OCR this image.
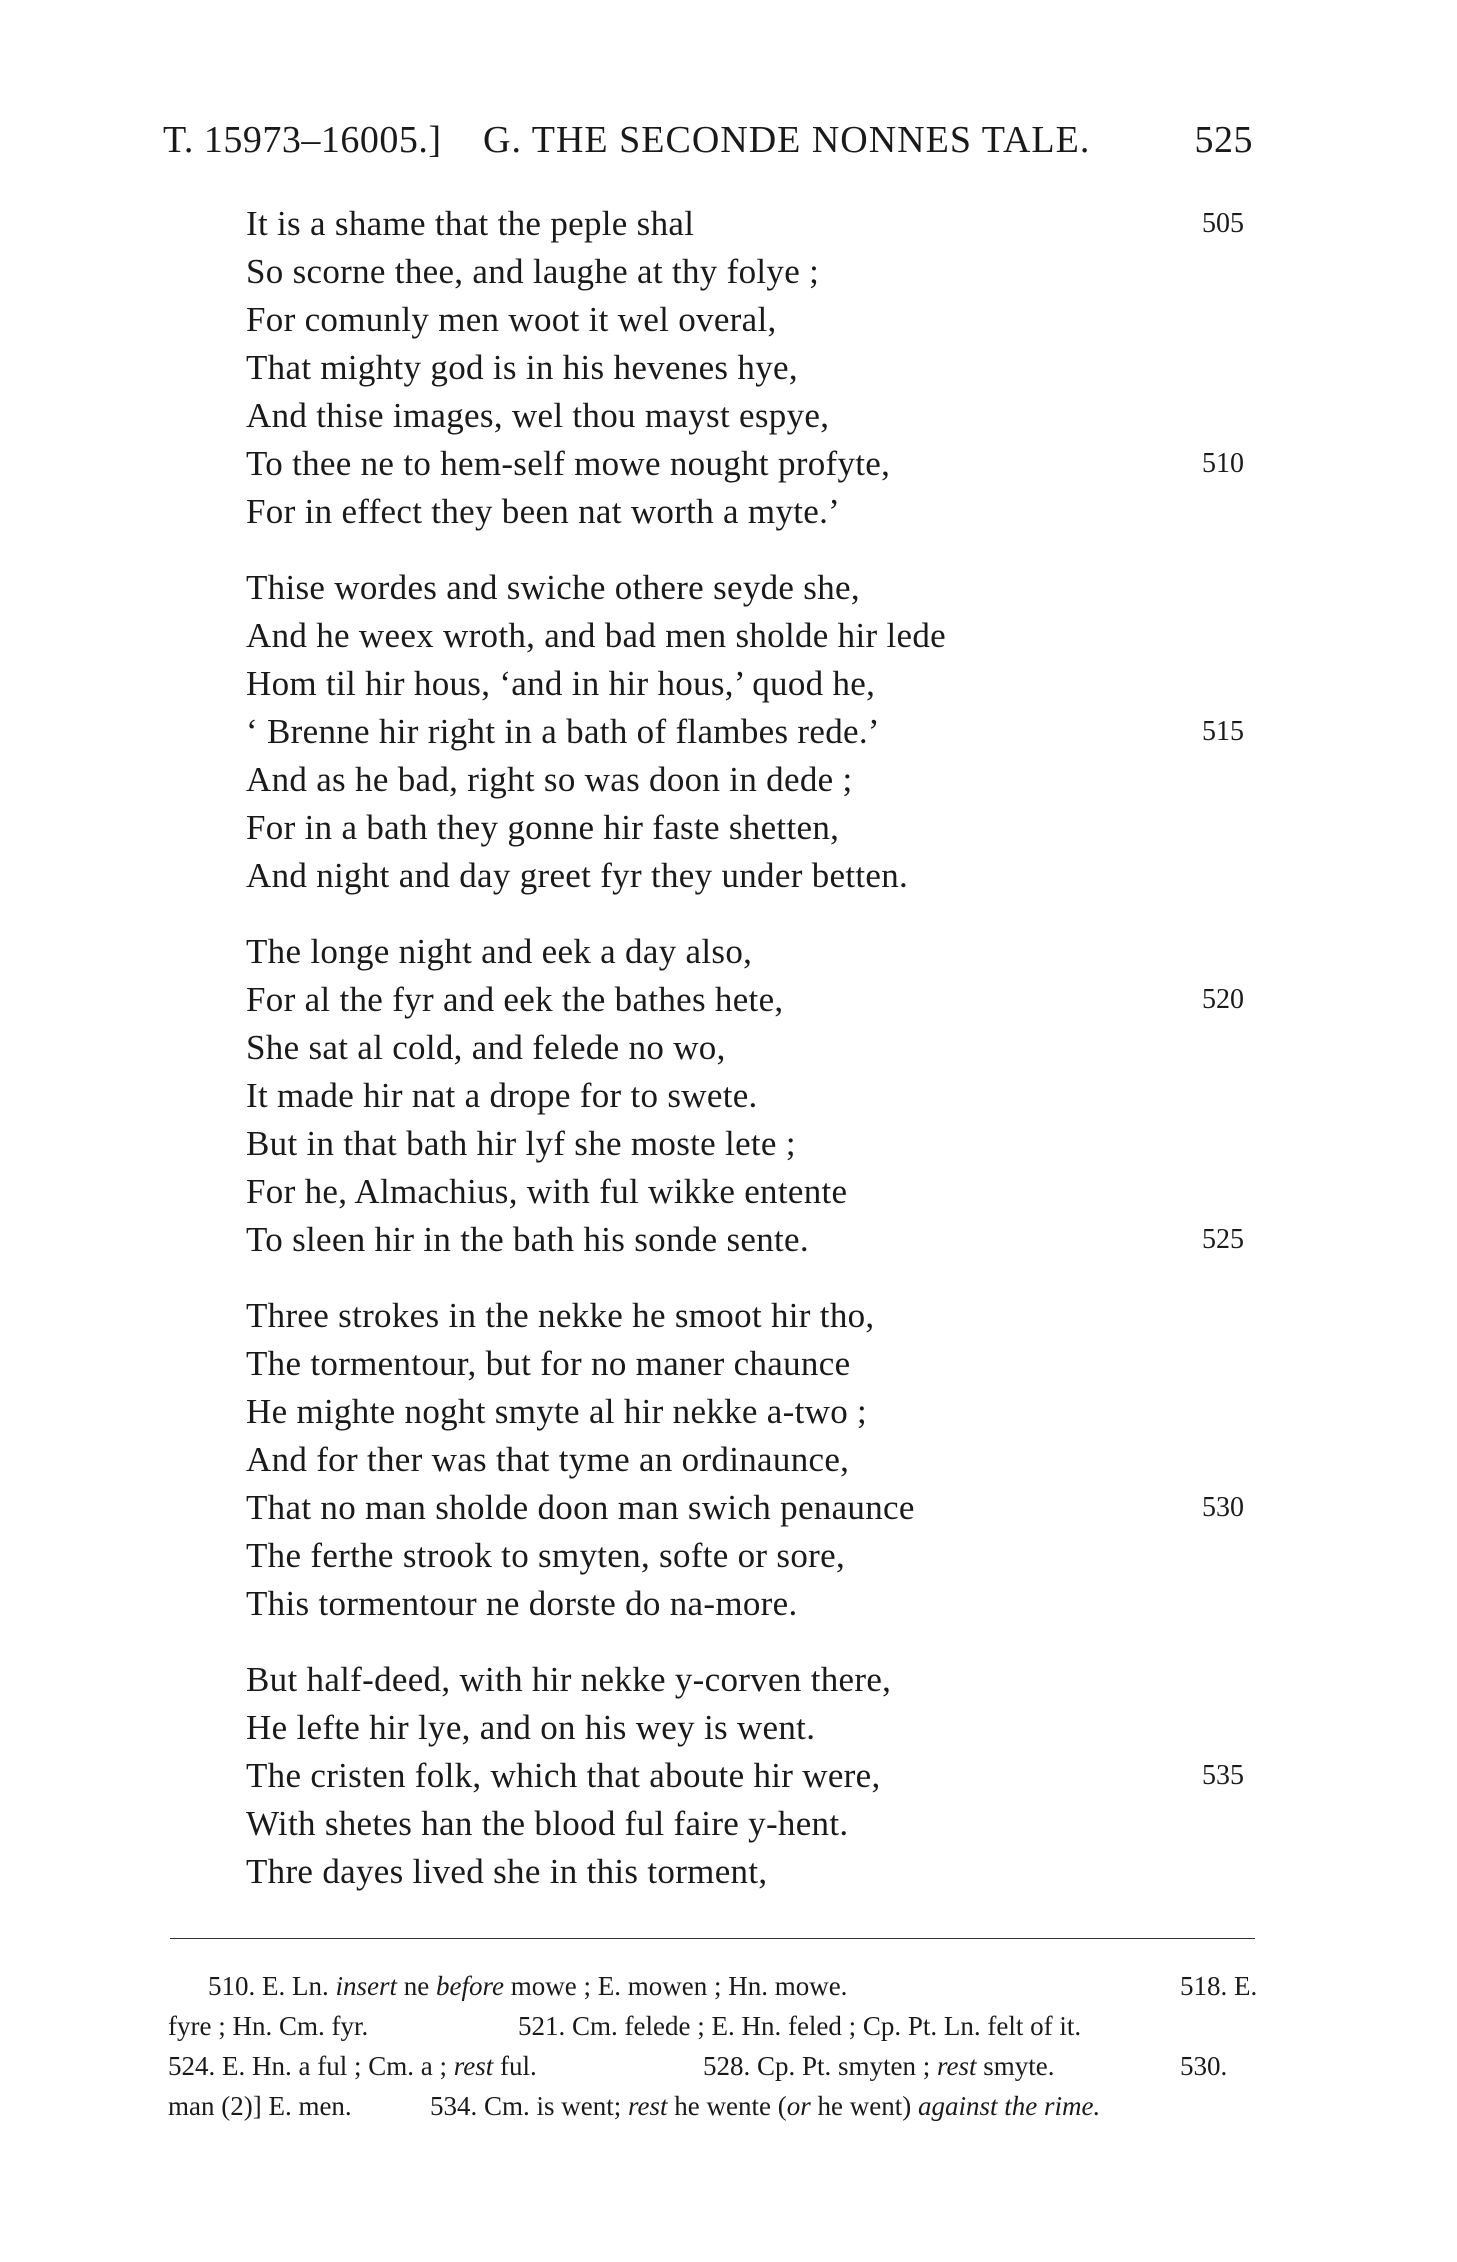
T. 15973–16005.] G. THE SECONDE NONNES TALE.	525
It is a shame that the peple shal	505
So scorne thee, and laughe at thy folye ;
For comunly men woot it wel overal,
That mighty god is in his hevenes hye,
And thise images, wel thou mayst espye,
To thee ne to hem-self mowe nought profyte,	510
For in effect they been nat worth a myte.’
Thise wordes and swiche othere seyde she,
And he weex wroth, and bad men sholde hir lede
Hom til hir hous, ‘and in hir hous,’ quod he,
‘ Brenne hir right in a bath of flambes rede.’	515
And as he bad, right so was doon in dede ;
For in a bath they gonne hir faste shetten,
And night and day greet fyr they under betten.
The longe night and eek a day also,
For al the fyr and eek the bathes hete,	520
She sat al cold, and felede no wo,
It made hir nat a drope for to swete.
But in that bath hir lyf she moste lete ;
For he, Almachius, with ful wikke entente
To sleen hir in the bath his sonde sente.	525
Three strokes in the nekke he smoot hir tho,
The tormentour, but for no maner chaunce
He mighte noght smyte al hir nekke a-two ;
And for ther was that tyme an ordinaunce,
That no man sholde doon man swich penaunce	530
The ferthe strook to smyten, softe or sore,
This tormentour ne dorste do na-more.
But half-deed, with hir nekke y-corven there,
He lefte hir lye, and on his wey is went.
The cristen folk, which that aboute hir were,	535
With shetes han the blood ful faire y-hent.
Thre dayes lived she in this torment,
510. E. Ln. insert ne before mowe ; E. mowen ; Hn. mowe.	518. E.
fyre ; Hn. Cm. fyr.	521. Cm. felede ; E. Hn. feled ; Cp. Pt. Ln. felt of it.
524. E. Hn. a ful ; Cm. a ; rest ful.	528. Cp. Pt. smyten ; rest smyte.	530.
man (2)] E. men.	534. Cm. is went; rest he wente (or he went) against the rime.
